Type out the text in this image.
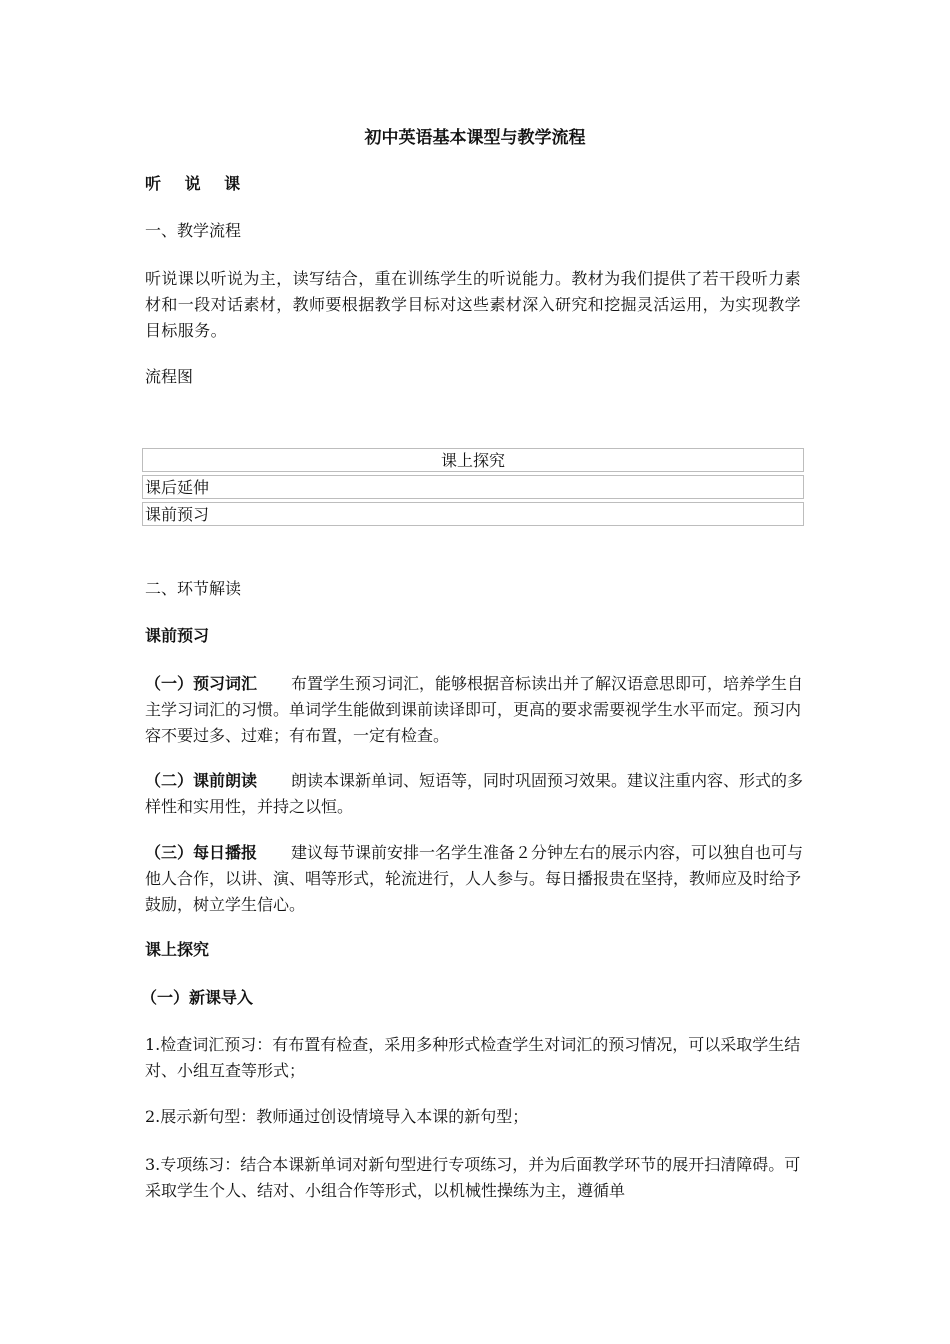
初中英语基本课型与教学流程

听 说 课

一、教学流程

听说课以听说为主，读写结合，重在训练学生的听说能力。教材为我们提供了若干段听力素材和一段对话素材，教师要根据教学目标对这些素材深入研究和挖掘灵活运用，为实现教学目标服务。

流程图

课上探究
课后延伸
课前预习

二、环节解读

课前预习

（一）预习词汇 布置学生预习词汇，能够根据音标读出并了解汉语意思即可，培养学生自主学习词汇的习惯。单词学生能做到课前读译即可，更高的要求需要视学生水平而定。预习内容不要过多、过难；有布置，一定有检查。

（二）课前朗读 朗读本课新单词、短语等，同时巩固预习效果。建议注重内容、形式的多样性和实用性，并持之以恒。

（三）每日播报 建议每节课前安排一名学生准备２分钟左右的展示内容，可以独自也可与他人合作，以讲、演、唱等形式，轮流进行，人人参与。每日播报贵在坚持，教师应及时给予鼓励，树立学生信心。

课上探究

（一）新课导入

1.检查词汇预习：有布置有检查，采用多种形式检查学生对词汇的预习情况，可以采取学生结对、小组互查等形式；

2.展示新句型：教师通过创设情境导入本课的新句型；

3.专项练习：结合本课新单词对新句型进行专项练习，并为后面教学环节的展开扫清障碍。可采取学生个人、结对、小组合作等形式，以机械性操练为主，遵循单
